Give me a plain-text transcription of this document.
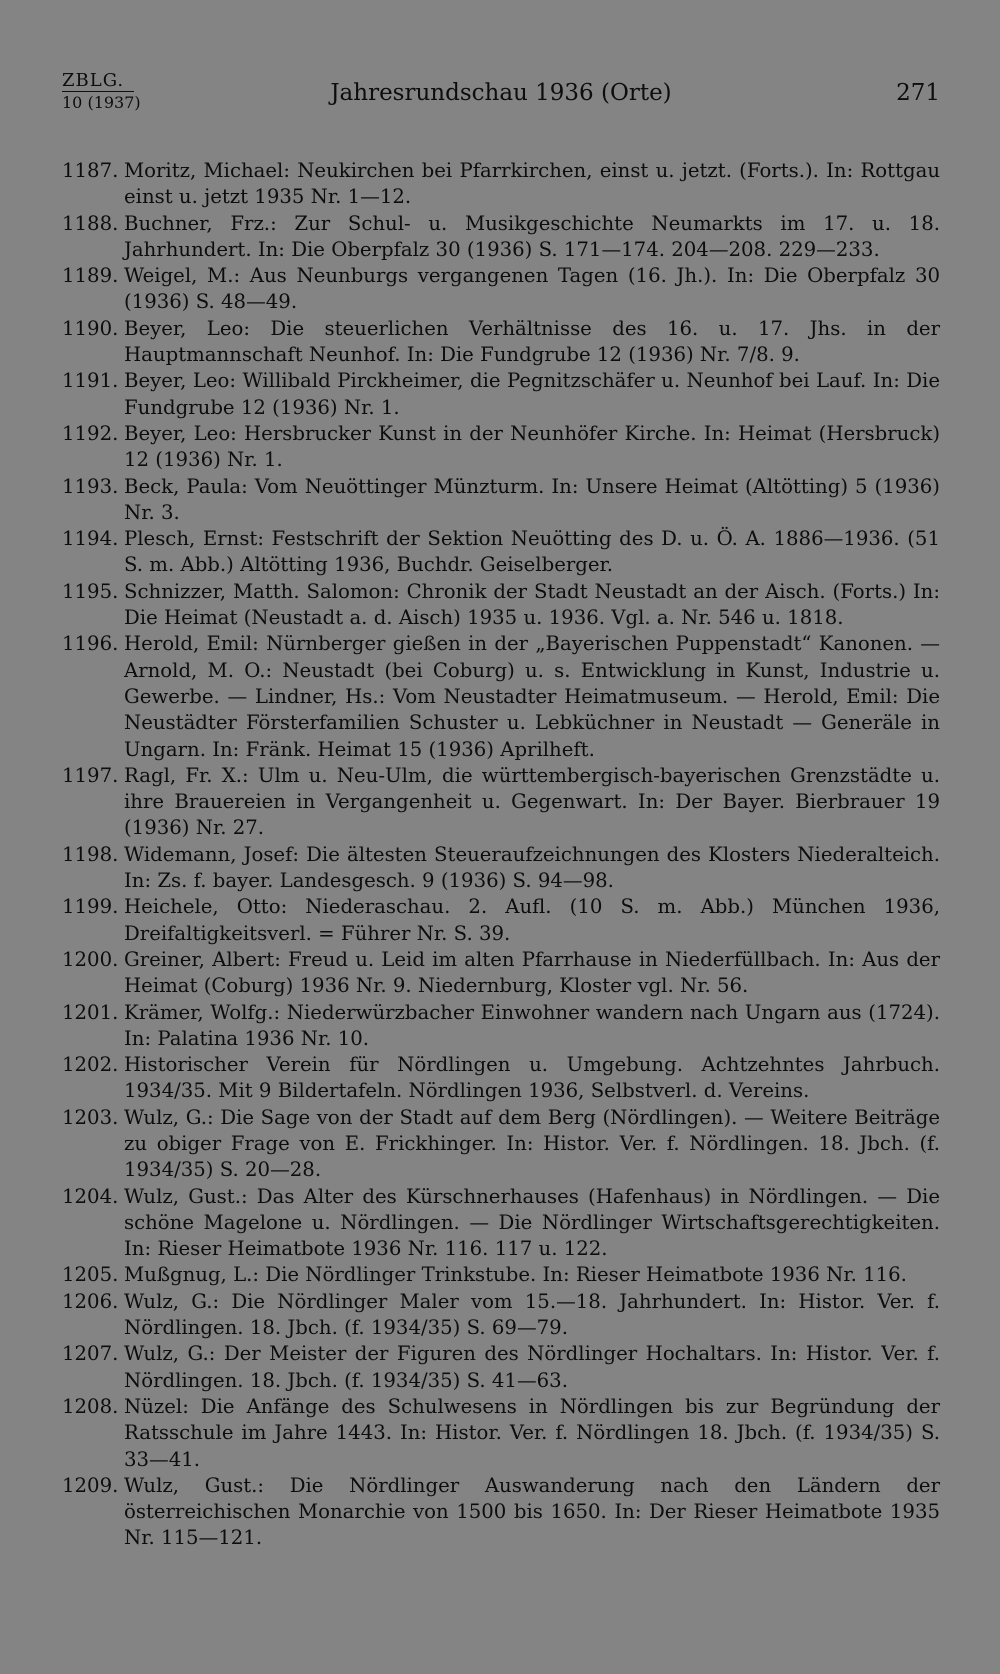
ZBLG.
10 (1937)	Jahresrundschau 1936 (Orte)	271
1187. Moritz, Michael: Neukirchen bei Pfarrkirchen, einst u. jetzt. (Forts.). In: Rottgau einst u. jetzt 1935 Nr. 1—12.
1188. Buchner, Frz.: Zur Schul- u. Musikgeschichte Neumarkts im 17. u. 18. Jahrhundert. In: Die Oberpfalz 30 (1936) S. 171—174. 204—208. 229—233.
1189. Weigel, M.: Aus Neunburgs vergangenen Tagen (16. Jh.). In: Die Oberpfalz 30 (1936) S. 48—49.
1190. Beyer, Leo: Die steuerlichen Verhältnisse des 16. u. 17. Jhs. in der Hauptmannschaft Neunhof. In: Die Fundgrube 12 (1936) Nr. 7/8. 9.
1191. Beyer, Leo: Willibald Pirckheimer, die Pegnitzschäfer u. Neunhof bei Lauf. In: Die Fundgrube 12 (1936) Nr. 1.
1192. Beyer, Leo: Hersbrucker Kunst in der Neunhöfer Kirche. In: Heimat (Hersbruck) 12 (1936) Nr. 1.
1193. Beck, Paula: Vom Neuöttinger Münzturm. In: Unsere Heimat (Altötting) 5 (1936) Nr. 3.
1194. Plesch, Ernst: Festschrift der Sektion Neuötting des D. u. Ö. A. 1886—1936. (51 S. m. Abb.) Altötting 1936, Buchdr. Geiselberger.
1195. Schnizzer, Matth. Salomon: Chronik der Stadt Neustadt an der Aisch. (Forts.) In: Die Heimat (Neustadt a. d. Aisch) 1935 u. 1936. Vgl. a. Nr. 546 u. 1818.
1196. Herold, Emil: Nürnberger gießen in der „Bayerischen Puppenstadt“ Kanonen. — Arnold, M. O.: Neustadt (bei Coburg) u. s. Entwicklung in Kunst, Industrie u. Gewerbe. — Lindner, Hs.: Vom Neustadter Heimatmuseum. — Herold, Emil: Die Neustädter Försterfamilien Schuster u. Lebküchner in Neustadt — Generäle in Ungarn. In: Fränk. Heimat 15 (1936) Aprilheft.
1197. Ragl, Fr. X.: Ulm u. Neu-Ulm, die württembergisch-bayerischen Grenzstädte u. ihre Brauereien in Vergangenheit u. Gegenwart. In: Der Bayer. Bierbrauer 19 (1936) Nr. 27.
1198. Widemann, Josef: Die ältesten Steueraufzeichnungen des Klosters Niederalteich. In: Zs. f. bayer. Landesgesch. 9 (1936) S. 94—98.
1199. Heichele, Otto: Niederaschau. 2. Aufl. (10 S. m. Abb.) München 1936, Dreifaltigkeitsverl. = Führer Nr. S. 39.
1200. Greiner, Albert: Freud u. Leid im alten Pfarrhause in Niederfüllbach. In: Aus der Heimat (Coburg) 1936 Nr. 9. Niedernburg, Kloster vgl. Nr. 56.
1201. Krämer, Wolfg.: Niederwürzbacher Einwohner wandern nach Ungarn aus (1724). In: Palatina 1936 Nr. 10.
1202. Historischer Verein für Nördlingen u. Umgebung. Achtzehntes Jahrbuch. 1934/35. Mit 9 Bildertafeln. Nördlingen 1936, Selbstverl. d. Vereins.
1203. Wulz, G.: Die Sage von der Stadt auf dem Berg (Nördlingen). — Weitere Beiträge zu obiger Frage von E. Frickhinger. In: Histor. Ver. f. Nördlingen. 18. Jbch. (f. 1934/35) S. 20—28.
1204. Wulz, Gust.: Das Alter des Kürschnerhauses (Hafenhaus) in Nördlingen. — Die schöne Magelone u. Nördlingen. — Die Nördlinger Wirtschaftsgerechtigkeiten. In: Rieser Heimatbote 1936 Nr. 116. 117 u. 122.
1205. Mußgnug, L.: Die Nördlinger Trinkstube. In: Rieser Heimatbote 1936 Nr. 116.
1206. Wulz, G.: Die Nördlinger Maler vom 15.—18. Jahrhundert. In: Histor. Ver. f. Nördlingen. 18. Jbch. (f. 1934/35) S. 69—79.
1207. Wulz, G.: Der Meister der Figuren des Nördlinger Hochaltars. In: Histor. Ver. f. Nördlingen. 18. Jbch. (f. 1934/35) S. 41—63.
1208. Nüzel: Die Anfänge des Schulwesens in Nördlingen bis zur Begründung der Ratsschule im Jahre 1443. In: Histor. Ver. f. Nördlingen 18. Jbch. (f. 1934/35) S. 33—41.
1209. Wulz, Gust.: Die Nördlinger Auswanderung nach den Ländern der österreichischen Monarchie von 1500 bis 1650. In: Der Rieser Heimatbote 1935 Nr. 115—121.
